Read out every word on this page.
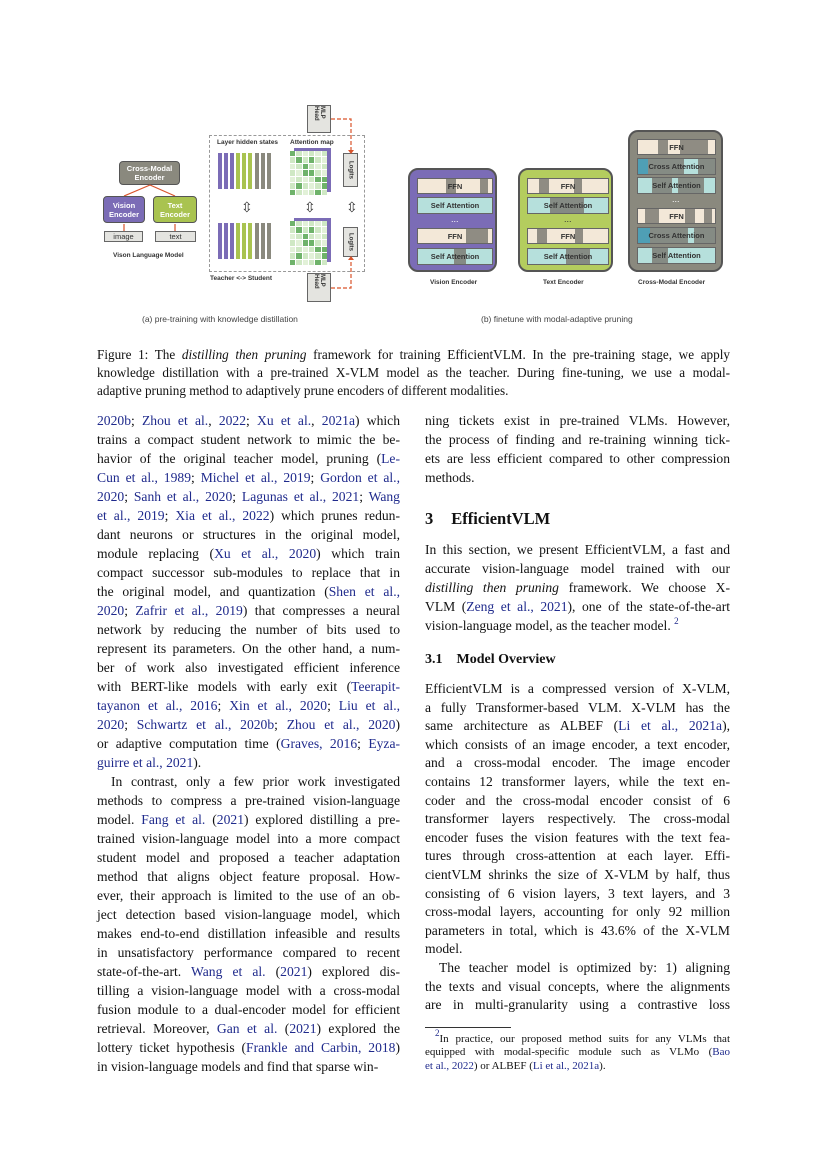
Cross-Modal Encoder
Vision Encoder
Text Encoder
image	text
Vison Language Model
Layer hidden states Attention map
⇳	⇳ ⇳
Logits
Logits
MLP Head
MLP Head
Teacher <-> Student
(a) pre-training with knowledge distillation
FFN
Self Attention
...
FFN
Self Attention
FFN
Self Attention
...
FFN
Self Attention
FFN
Cross Attention
Self Attention
...
FFN
Cross Attention
Self Attention
Vision Encoder	Text Encoder	Cross-Modal Encoder
(b) finetune with modal-adaptive pruning
Figure 1: The distilling then pruning framework for training EfficientVLM. In the pre-training stage, we apply
knowledge distillation with a pre-trained X-VLM model as the teacher. During fine-tuning, we use a modal-
adaptive pruning method to adaptively prune encoders of different modalities.
2020b; Zhou et al., 2022; Xu et al., 2021a) which
trains a compact student network to mimic the be-
havior of the original teacher model, pruning (Le-
Cun et al., 1989; Michel et al., 2019; Gordon et al.,
2020; Sanh et al., 2020; Lagunas et al., 2021; Wang
et al., 2019; Xia et al., 2022) which prunes redun-
dant neurons or structures in the original model,
module replacing (Xu et al., 2020) which train
compact successor sub-modules to replace that in
the original model, and quantization (Shen et al.,
2020; Zafrir et al., 2019) that compresses a neural
network by reducing the number of bits used to
represent its parameters. On the other hand, a num-
ber of work also investigated efficient inference
with BERT-like models with early exit (Teerapit-
tayanon et al., 2016; Xin et al., 2020; Liu et al.,
2020; Schwartz et al., 2020b; Zhou et al., 2020)
or adaptive computation time (Graves, 2016; Eyza-
guirre et al., 2021).
In contrast, only a few prior work investigated
methods to compress a pre-trained vision-language
model. Fang et al. (2021) explored distilling a pre-
trained vision-language model into a more compact
student model and proposed a teacher adaptation
method that aligns object feature proposal. How-
ever, their approach is limited to the use of an ob-
ject detection based vision-language model, which
makes end-to-end distillation infeasible and results
in unsatisfactory performance compared to recent
state-of-the-art. Wang et al. (2021) explored dis-
tilling a vision-language model with a cross-modal
fusion module to a dual-encoder model for efficient
retrieval. Moreover, Gan et al. (2021) explored the
lottery ticket hypothesis (Frankle and Carbin, 2018)
in vision-language models and find that sparse win-
ning tickets exist in pre-trained VLMs. However,
the process of finding and re-training winning tick-
ets are less efficient compared to other compression
methods.
3 EfficientVLM
In this section, we present EfficientVLM, a fast and
accurate vision-language model trained with our
distilling then pruning framework. We choose X-
VLM (Zeng et al., 2021), one of the state-of-the-art
vision-language model, as the teacher model. $^2$
3.1 Model Overview
EfficientVLM is a compressed version of X-VLM,
a fully Transformer-based VLM. X-VLM has the
same architecture as ALBEF (Li et al., 2021a),
which consists of an image encoder, a text encoder,
and a cross-modal encoder. The image encoder
contains 12 transformer layers, while the text en-
coder and the cross-modal encoder consist of 6
transformer layers respectively. The cross-modal
encoder fuses the vision features with the text fea-
tures through cross-attention at each layer. Effi-
cientVLM shrinks the size of X-VLM by half, thus
consisting of 6 vision layers, 3 text layers, and 3
cross-modal layers, accounting for only 92 million
parameters in total, which is 43.6% of the X-VLM
model.
The teacher model is optimized by: 1) aligning
the texts and visual concepts, where the alignments
are in multi-granularity using a contrastive loss
$^2$In practice, our proposed method suits for any VLMs that
equipped with modal-specific module such as VLMo (Bao
et al., 2022) or ALBEF (Li et al., 2021a).
